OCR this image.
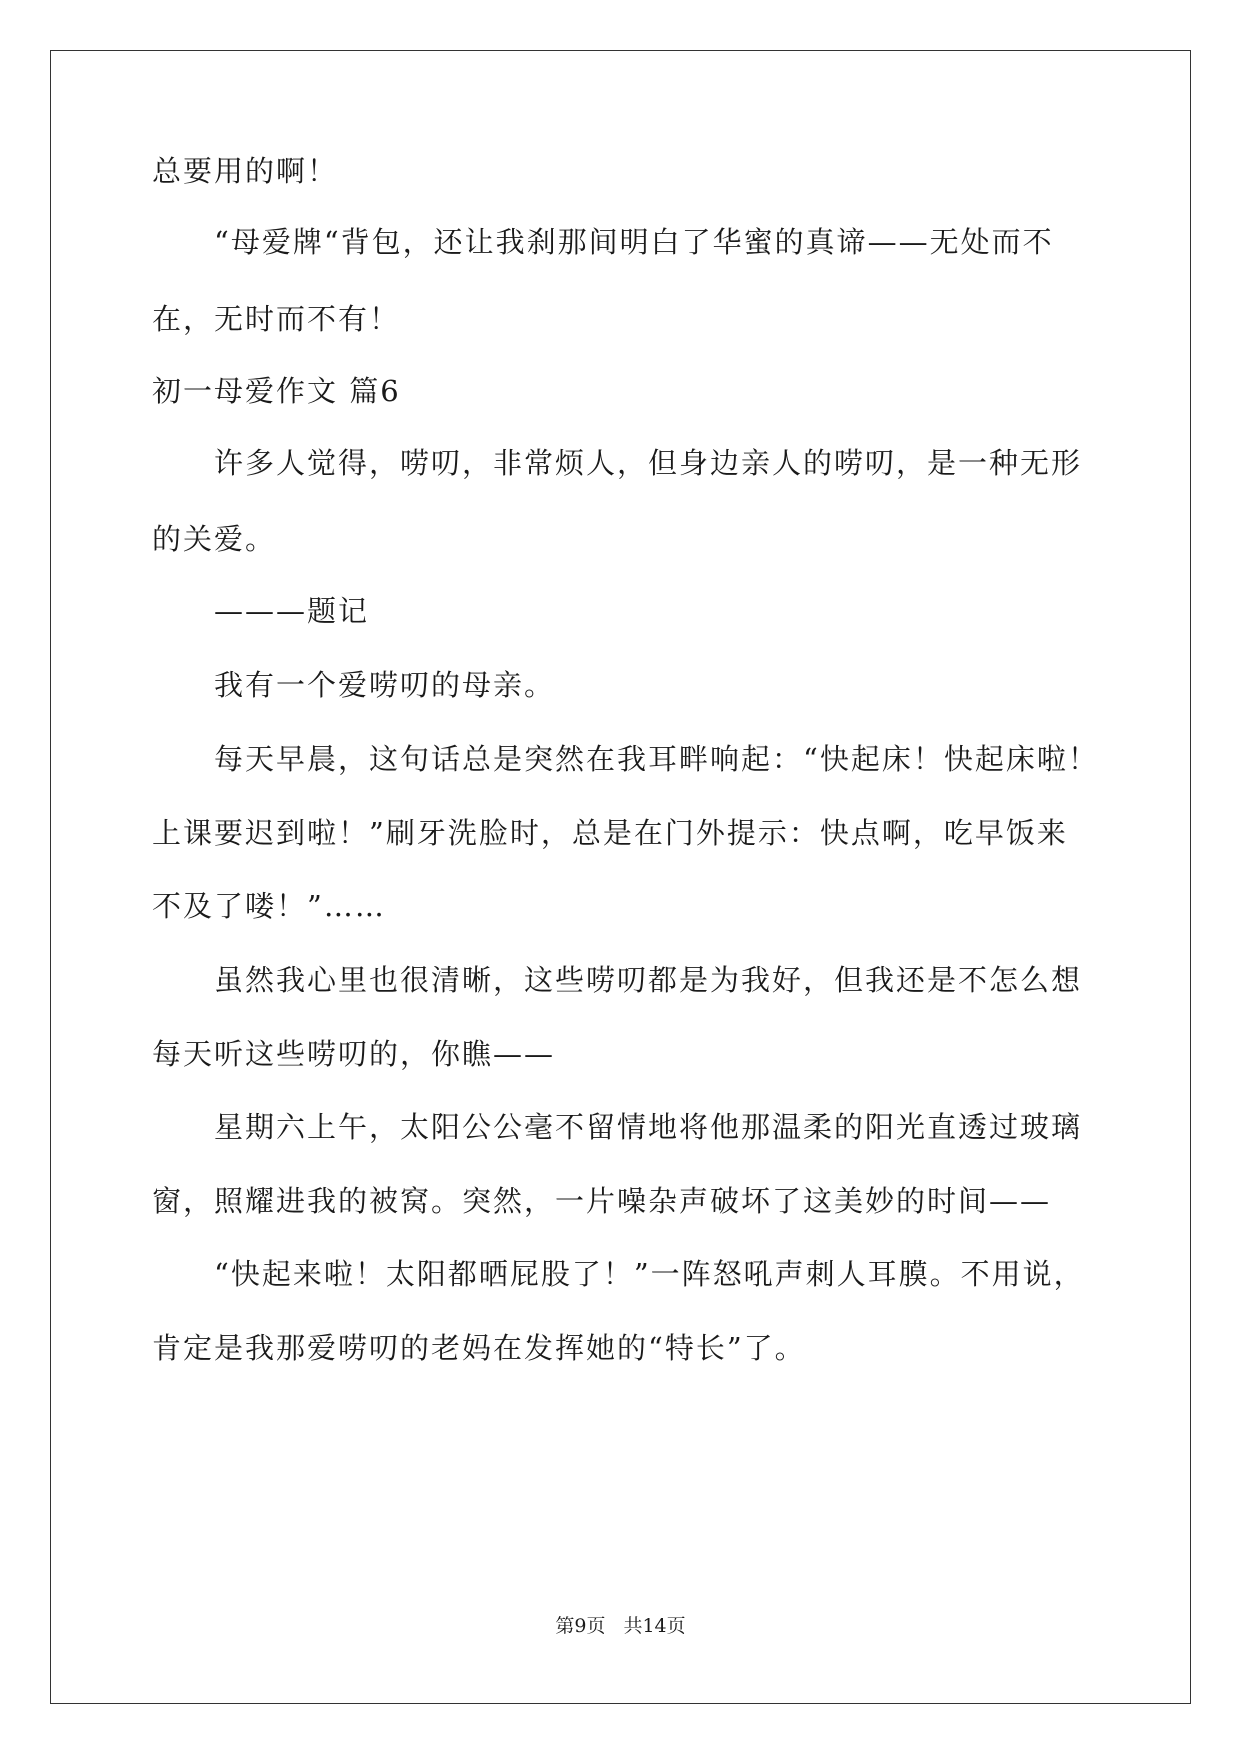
总要用的啊！
“母爱牌“背包，还让我刹那间明白了华蜜的真谛——无处而不
在，无时而不有！
初一母爱作文 篇6
许多人觉得，唠叨，非常烦人，但身边亲人的唠叨，是一种无形
的关爱。
———题记
我有一个爱唠叨的母亲。
每天早晨，这句话总是突然在我耳畔响起：“快起床！快起床啦！
上课要迟到啦！”刷牙洗脸时，总是在门外提示：快点啊，吃早饭来
不及了喽！”……
虽然我心里也很清晰，这些唠叨都是为我好，但我还是不怎么想
每天听这些唠叨的，你瞧——
星期六上午，太阳公公毫不留情地将他那温柔的阳光直透过玻璃
窗，照耀进我的被窝。突然，一片噪杂声破坏了这美妙的时间——
“快起来啦！太阳都晒屁股了！”一阵怒吼声刺人耳膜。不用说，
肯定是我那爱唠叨的老妈在发挥她的“特长”了。
第9页 共14页
